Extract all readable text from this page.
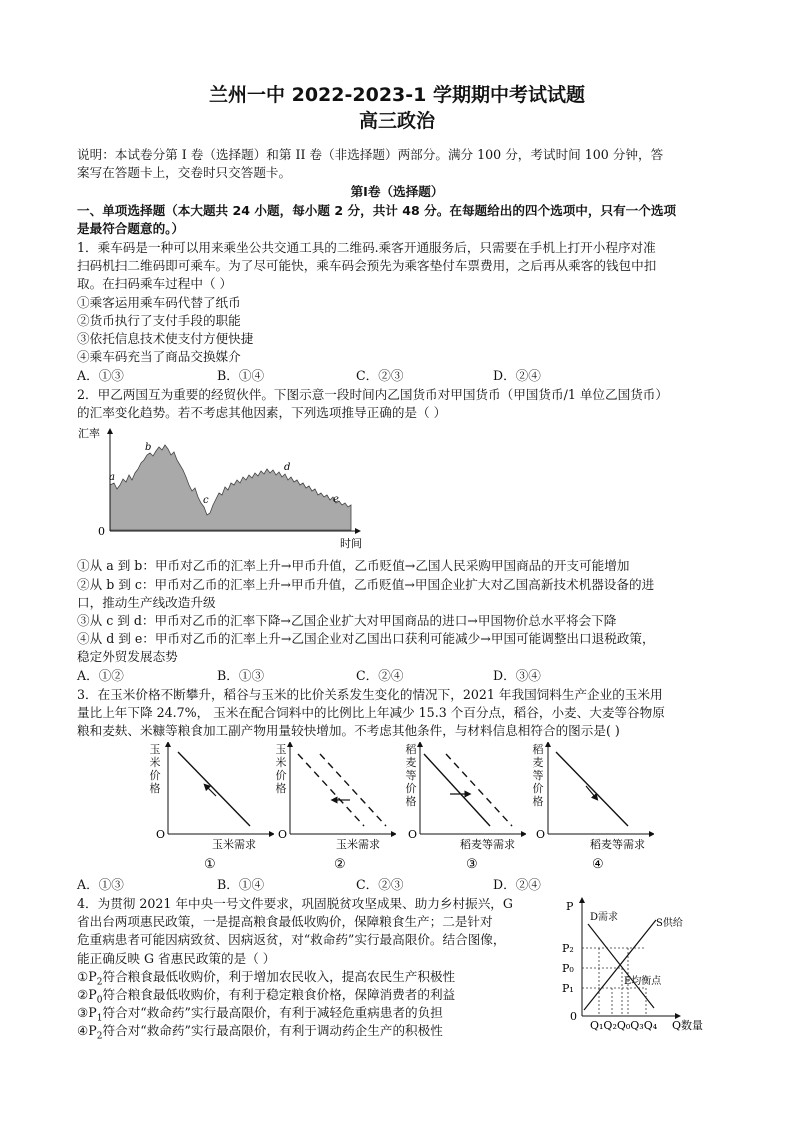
兰州一中 2022-2023-1 学期期中考试试题
高三政治
说明：本试卷分第 I 卷（选择题）和第 II 卷（非选择题）两部分。满分 100 分，考试时间 100 分钟，答
案写在答题卡上，交卷时只交答题卡。
第Ⅰ卷（选择题）
一、单项选择题（本大题共 24 小题，每小题 2 分，共计 48 分。在每题给出的四个选项中，只有一个选项
是最符合题意的。）
1．乘车码是一种可以用来乘坐公共交通工具的二维码.乘客开通服务后，只需要在手机上打开小程序对准
扫码机扫二维码即可乘车。为了尽可能快，乘车码会预先为乘客垫付车票费用，之后再从乘客的钱包中扣
取。在扫码乘车过程中（ ）
①乘客运用乘车码代替了纸币
②货币执行了支付手段的职能
③依托信息技术使支付方便快捷
④乘车码充当了商品交换媒介
A．①③	B．①④	C．②③	D．②④
2．甲乙两国互为重要的经贸伙伴。下图示意一段时间内乙国货币对甲国货币（甲国货币/1 单位乙国货币）
的汇率变化趋势。若不考虑其他因素，下列选项推导正确的是（ ）
汇率
时间
0
a
b
c
d
e
①从 a 到 b：甲币对乙币的汇率上升→甲币升值，乙币贬值→乙国人民采购甲国商品的开支可能增加
②从 b 到 c：甲币对乙币的汇率上升→甲币升值，乙币贬值→甲国企业扩大对乙国高新技术机器设备的进
口，推动生产线改造升级
③从 c 到 d：甲币对乙币的汇率下降→乙国企业扩大对甲国商品的进口→甲国物价总水平将会下降
④从 d 到 e：甲币对乙币的汇率上升→乙国企业对乙国出口获利可能减少→甲国可能调整出口退税政策，
稳定外贸发展态势
A．①②	B．①③	C．②④	D．③④
3．在玉米价格不断攀升，稻谷与玉米的比价关系发生变化的情况下，2021 年我国饲料生产企业的玉米用
量比上年下降 24.7%， 玉米在配合饲料中的比例比上年减少 15.3 个百分点，稻谷，小麦、大麦等谷物原
粮和麦麸、米糠等粮食加工副产物用量较快增加。不考虑其他条件，与材料信息相符合的图示是( )
玉米价格
O
玉米需求
①
玉米价格
O
玉米需求
②
稻麦等价格
O
稻麦等需求
③
稻麦等价格
O
稻麦等需求
④
A．①③	B．①④	C．②③	D．②④
4．为贯彻 2021 年中央一号文件要求，巩固脱贫攻坚成果、助力乡村振兴，G
省出台两项惠民政策，一是提高粮食最低收购价，保障粮食生产；二是针对
危重病患者可能因病致贫、因病返贫，对“救命药”实行最高限价。结合图像，
能正确反映 G 省惠民政策的是（ ）
$①P_2$符合粮食最低收购价，利于增加农民收入，提高农民生产积极性
$②P_0$符合粮食最低收购价，有利于稳定粮食价格，保障消费者的利益
$③P_1$符合对“救命药”实行最高限价，有利于减轻危重病患者的负担
$④P_2$符合对“救命药”实行最高限价，有利于调动药企生产的积极性
P
P₂
P₀
P₁
0
D需求
S供给
E均衡点
Q₁Q₂Q₀Q₃Q₄ Q数量
